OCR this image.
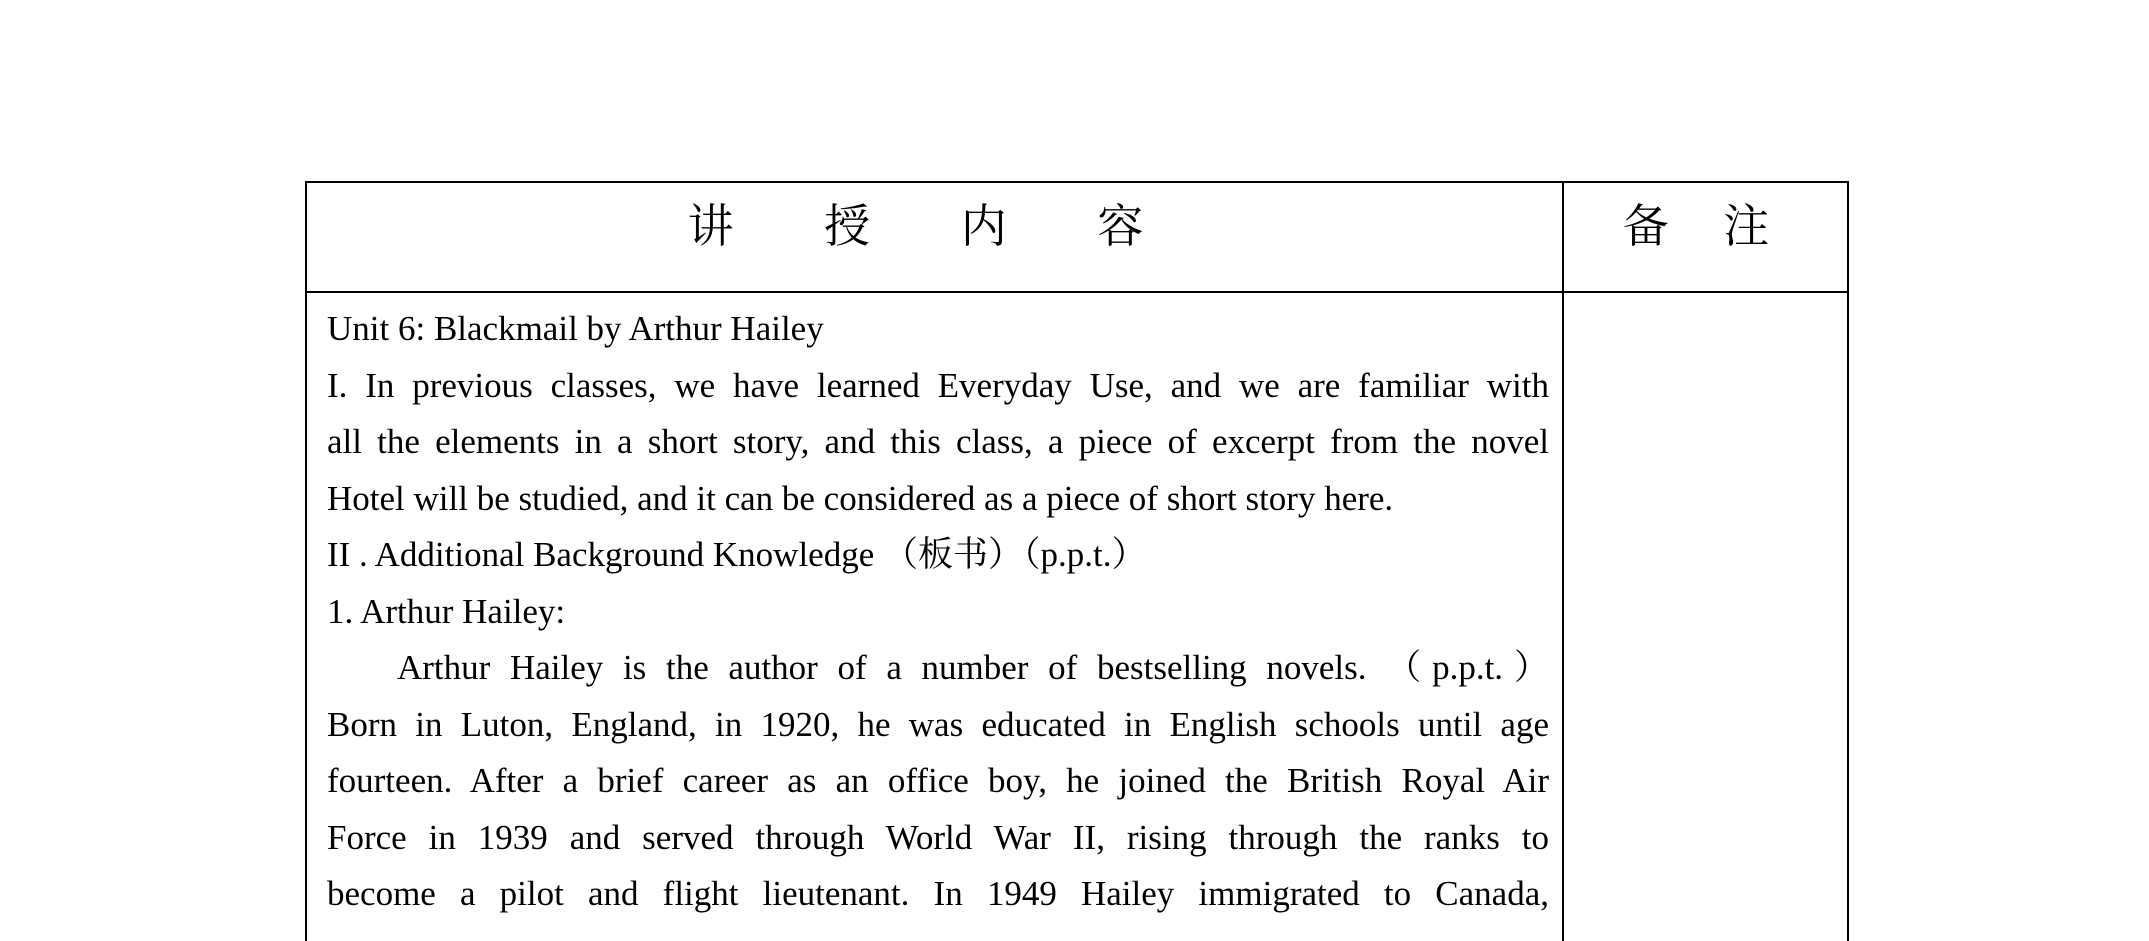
讲 授 内 容	备 注

Unit 6: Blackmail by Arthur Hailey

I. In previous classes, we have learned Everyday Use, and we are familiar with

all the elements in a short story, and this class, a piece of excerpt from the novel

Hotel will be studied, and it can be considered as a piece of short story here.

II . Additional Background Knowledge （板书）（p.p.t.）

1. Arthur Hailey:

Arthur Hailey is the author of a number of bestselling novels. （p.p.t.）

Born in Luton, England, in 1920, he was educated in English schools until age

fourteen. After a brief career as an office boy, he joined the British Royal Air

Force in 1939 and served through World War II, rising through the ranks to

become a pilot and flight lieutenant. In 1949 Hailey immigrated to Canada,
